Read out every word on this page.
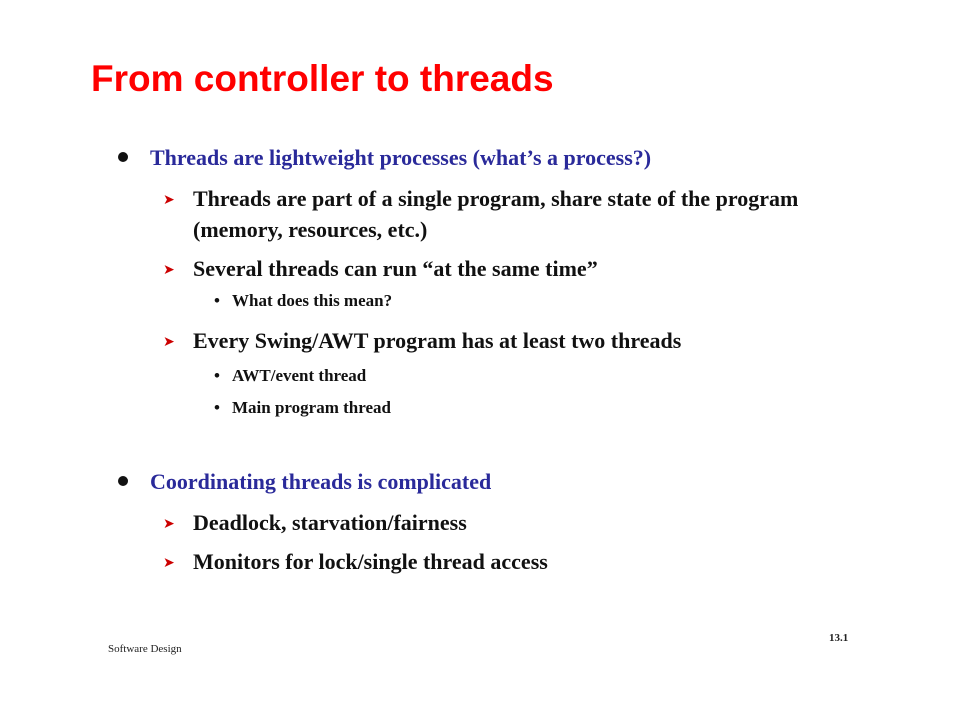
From controller to threads
Threads are lightweight processes (what’s a process?)
➤ Threads are part of a single program, share state of the program (memory, resources, etc.)
➤ Several threads can run “at the same time”
• What does this mean?
➤ Every Swing/AWT program has at least two threads
• AWT/event thread
• Main program thread
Coordinating threads is complicated
➤ Deadlock, starvation/fairness
➤ Monitors for lock/single thread access
Software Design
13.1
